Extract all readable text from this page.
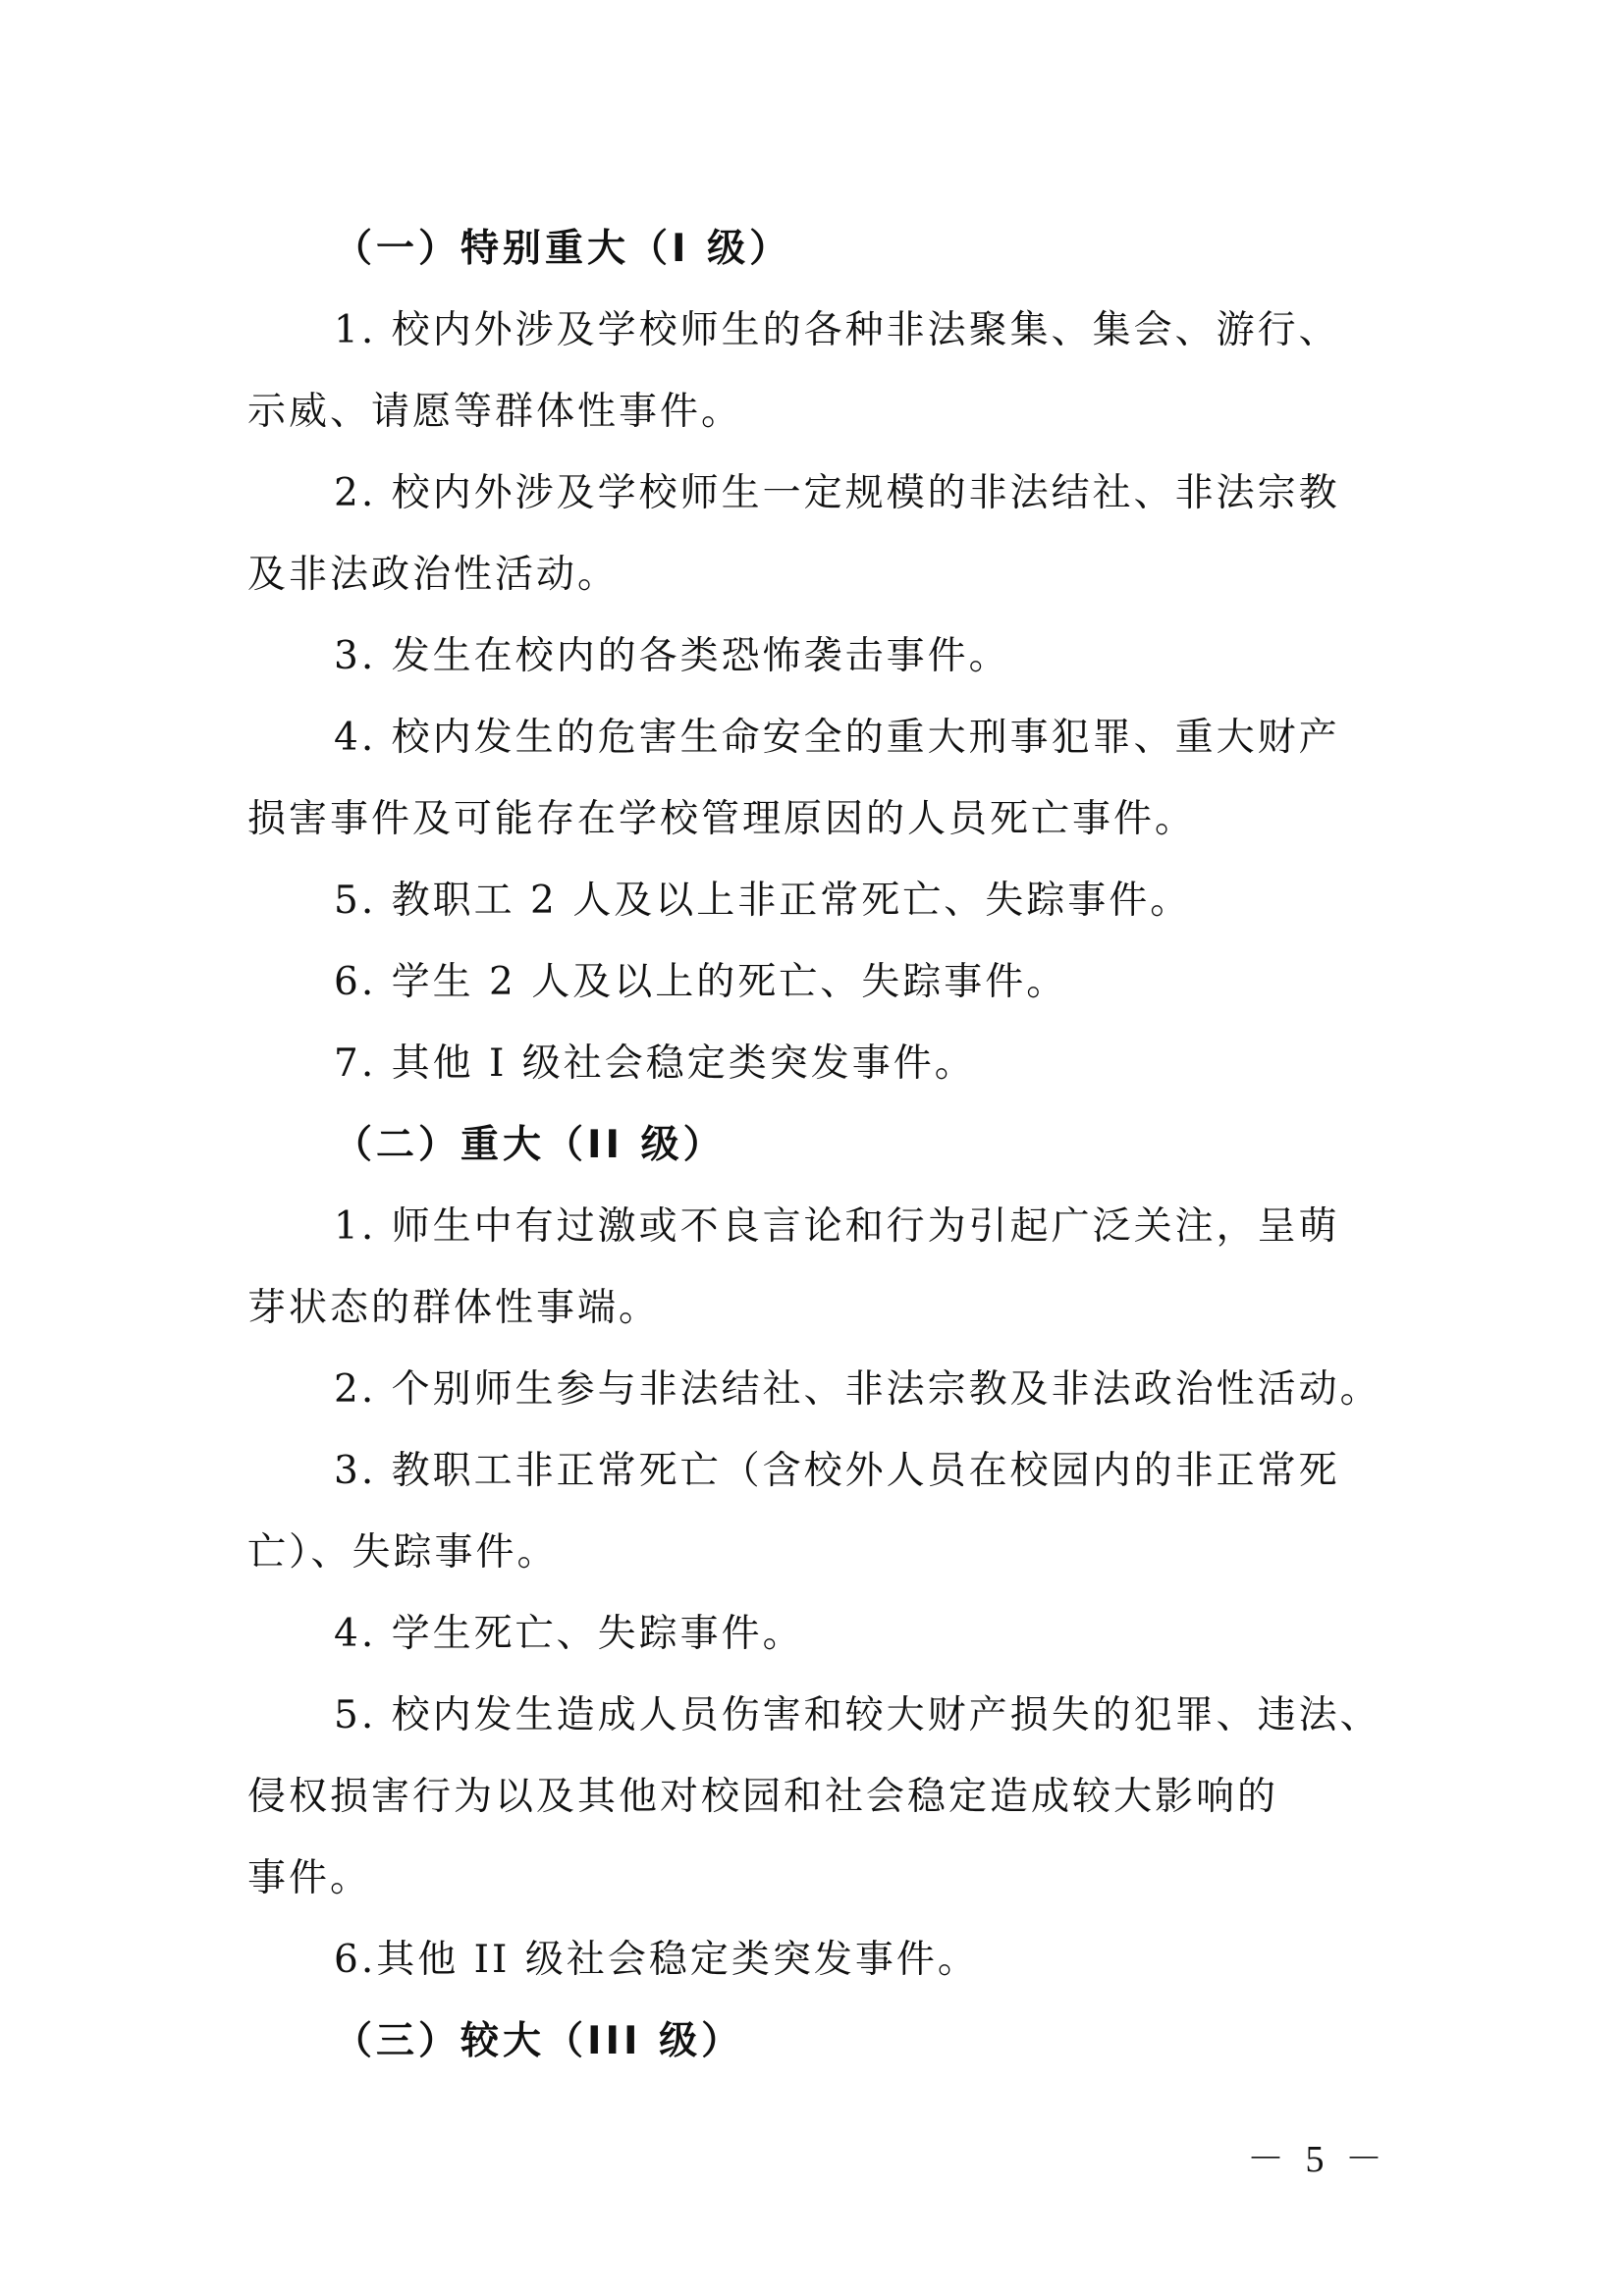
（一）特别重大（I 级）
1. 校内外涉及学校师生的各种非法聚集、集会、游行、
示威、请愿等群体性事件。
2. 校内外涉及学校师生一定规模的非法结社、非法宗教
及非法政治性活动。
3. 发生在校内的各类恐怖袭击事件。
4. 校内发生的危害生命安全的重大刑事犯罪、重大财产
损害事件及可能存在学校管理原因的人员死亡事件。
5. 教职工 2 人及以上非正常死亡、失踪事件。
6. 学生 2 人及以上的死亡、失踪事件。
7. 其他 I 级社会稳定类突发事件。
（二）重大（II 级）
1. 师生中有过激或不良言论和行为引起广泛关注，呈萌
芽状态的群体性事端。
2. 个别师生参与非法结社、非法宗教及非法政治性活动。
3. 教职工非正常死亡（含校外人员在校园内的非正常死
亡）、失踪事件。
4. 学生死亡、失踪事件。
5. 校内发生造成人员伤害和较大财产损失的犯罪、违法、
侵权损害行为以及其他对校园和社会稳定造成较大影响的
事件。
6.其他 II 级社会稳定类突发事件。
（三）较大（III 级）
－ 5 －
